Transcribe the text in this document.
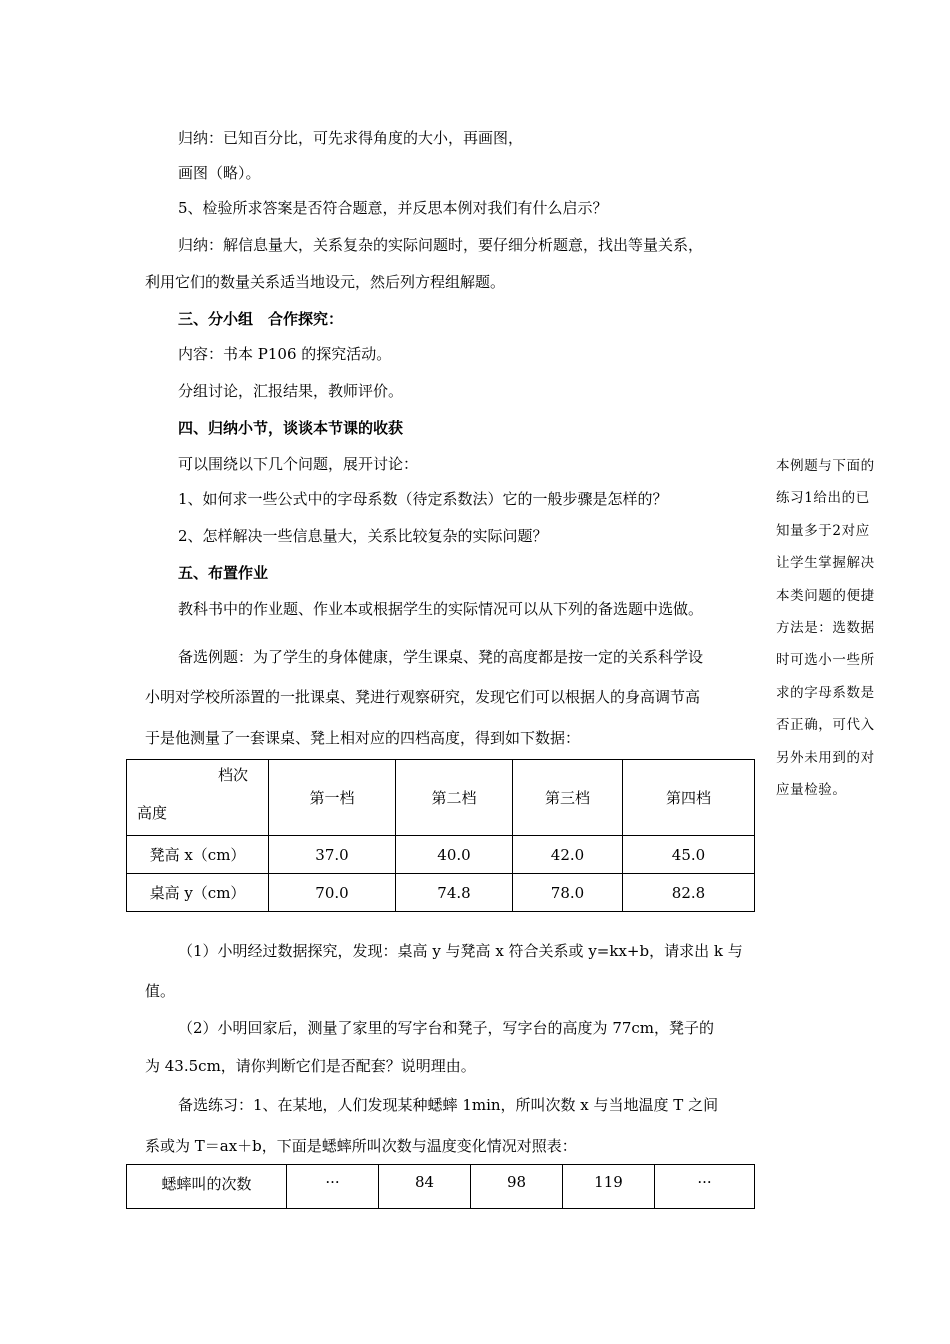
归纳：已知百分比，可先求得角度的大小，再画图，
画图（略）。
5、检验所求答案是否符合题意，并反思本例对我们有什么启示？
归纳：解信息量大，关系复杂的实际问题时，要仔细分析题意，找出等量关系，
利用它们的数量关系适当地设元，然后列方程组解题。
三、分小组　合作探究：
内容：书本 P106 的探究活动。
分组讨论，汇报结果，教师评价。
四、归纳小节，谈谈本节课的收获
可以围绕以下几个问题，展开讨论：
1、如何求一些公式中的字母系数（待定系数法）它的一般步骤是怎样的？
2、怎样解决一些信息量大，关系比较复杂的实际问题？
五、布置作业
教科书中的作业题、作业本或根据学生的实际情况可以从下列的备选题中选做。
备选例题：为了学生的身体健康，学生课桌、凳的高度都是按一定的关系科学设
小明对学校所添置的一批课桌、凳进行观察研究，发现它们可以根据人的身高调节高
于是他测量了一套课桌、凳上相对应的四档高度，得到如下数据：
档次
高度	第一档	第二档	第三档	第四档
凳高 x（cm）	37.0	40.0	42.0	45.0
桌高 y（cm）	70.0	74.8	78.0	82.8
（1）小明经过数据探究，发现：桌高 y 与凳高 x 符合关系或 y=kx+b，请求出 k 与
值。
（2）小明回家后，测量了家里的写字台和凳子，写字台的高度为 77cm，凳子的
为 43.5cm，请你判断它们是否配套？说明理由。
备选练习：1、在某地，人们发现某种蟋蟀 1min，所叫次数 x 与当地温度 T 之间
系或为 T＝ax＋b，下面是蟋蟀所叫次数与温度变化情况对照表：
蟋蟀叫的次数	···	84	98	119	···
本例题与下面的练习1给出的已知量多于2对应让学生掌握解决本类问题的便捷方法是：选数据时可选小一些所求的字母系数是否正确，可代入另外未用到的对应量检验。
